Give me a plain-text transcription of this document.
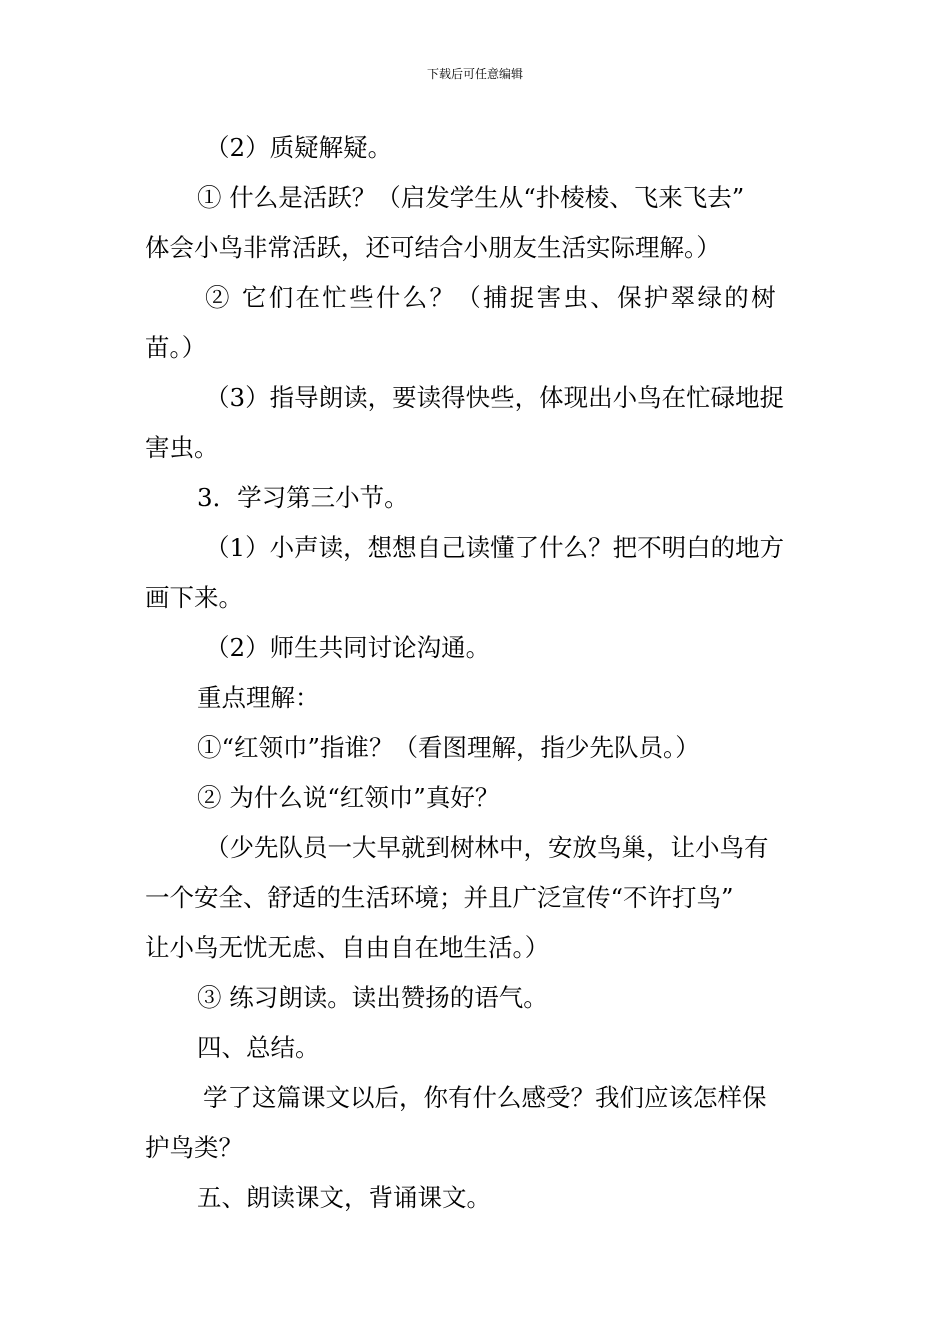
下载后可任意编辑
（2）质疑解疑。
① 什么是活跃？（启发学生从“扑棱棱、飞来飞去”
体会小鸟非常活跃，还可结合小朋友生活实际理解。）
② 它们在忙些什么？（捕捉害虫、保护翠绿的树
苗。）
（3）指导朗读，要读得快些，体现出小鸟在忙碌地捉
害虫。
3．学习第三小节。
（1）小声读，想想自己读懂了什么？把不明白的地方
画下来。
（2）师生共同讨论沟通。
重点理解：
①“红领巾”指谁？（看图理解，指少先队员。）
② 为什么说“红领巾”真好？
（少先队员一大早就到树林中，安放鸟巢，让小鸟有
一个安全、舒适的生活环境；并且广泛宣传“不许打鸟”
让小鸟无忧无虑、自由自在地生活。）
③ 练习朗读。读出赞扬的语气。
四、总结。
学了这篇课文以后，你有什么感受？我们应该怎样保
护鸟类？
五、朗读课文，背诵课文。
